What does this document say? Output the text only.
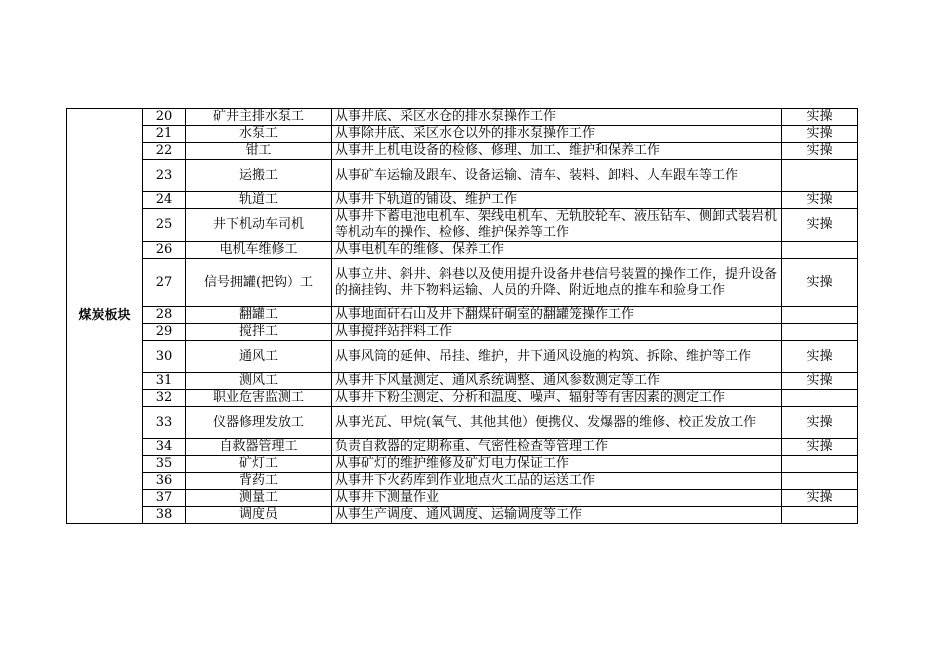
煤炭板块	20	矿井主排水泵工	从事井底、采区水仓的排水泵操作工作	实操
	21	水泵工	从事除井底、采区水仓以外的排水泵操作工作	实操
	22	钳工	从事井上机电设备的检修、修理、加工、维护和保养工作	实操
	23	运搬工	从事矿车运输及跟车、设备运输、清车、装料、卸料、人车跟车等工作	
	24	轨道工	从事井下轨道的铺设、维护工作	实操
	25	井下机动车司机	从事井下蓄电池电机车、架线电机车、无轨胶轮车、液压钻车、侧卸式装岩机等机动车的操作、检修、维护保养等工作	实操
	26	电机车维修工	从事电机车的维修、保养工作	
	27	信号拥罐(把钩）工	从事立井、斜井、斜巷以及使用提升设备井巷信号装置的操作工作，提升设备的摘挂钩、井下物料运输、人员的升降、附近地点的推车和验身工作	实操
	28	翻罐工	从事地面矸石山及井下翻煤矸硐室的翻罐笼操作工作	
	29	搅拌工	从事搅拌站拌料工作	
	30	通风工	从事风筒的延伸、吊挂、维护，井下通风设施的构筑、拆除、维护等工作	实操
	31	测风工	从事井下风量测定、通风系统调整、通风参数测定等工作	实操
	32	职业危害监测工	从事井下粉尘测定、分析和温度、噪声、辐射等有害因素的测定工作	
	33	仪器修理发放工	从事光瓦、甲烷(氧气、其他其他）便携仪、发爆器的维修、校正发放工作	实操
	34	自救器管理工	负责自救器的定期称重、气密性检查等管理工作	实操
	35	矿灯工	从事矿灯的维护维修及矿灯电力保证工作	
	36	背药工	从事井下火药库到作业地点火工品的运送工作	
	37	测量工	从事井下测量作业	实操
	38	调度员	从事生产调度、通风调度、运输调度等工作	
